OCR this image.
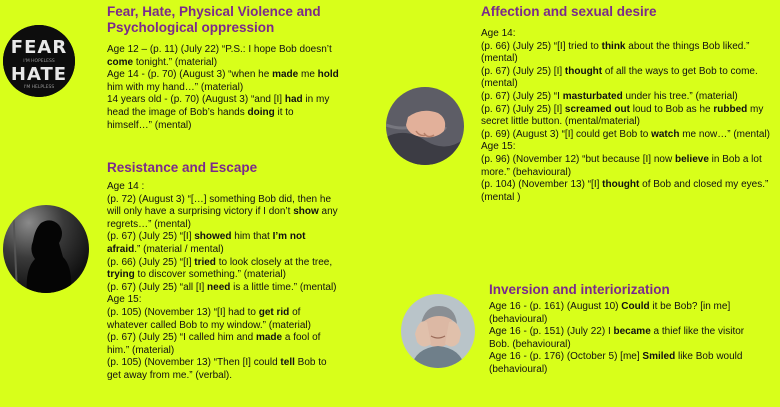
FEAR
I'M HOPELESS
HATE
I'M HELPLESS
Fear, Hate, Physical Violence and Psychological oppression

Age 12 – (p. 11) (July 22) “P.S.: I hope Bob doesn’t come tonight.” (material)

Age 14 - (p. 70) (August 3) “when he made me hold him with my hand…” (material)

14 years old - (p. 70) (August 3) “and [I] had in my head the image of Bob’s hands doing it to himself…” (mental)

Resistance and Escape

Age 14 :

(p. 72) (August 3) “[…] something Bob did, then he will only have a surprising victory if I don’t show any regrets…” (mental)

(p. 67) (July 25) “[I] showed him that I’m not afraid.” (material / mental)

(p. 66) (July 25) “[I] tried to look closely at the tree, trying to discover something.” (material)

(p. 67) (July 25) “all [I] need is a little time.” (mental)

Age 15:

(p. 105) (November 13) “[I] had to get rid of whatever called Bob to my window.” (material)

(p. 67) (July 25) “I called him and made a fool of him.” (material)

(p. 105) (November 13) “Then [I] could tell Bob to get away from me.” (verbal).

Affection and sexual desire

Age 14:

(p. 66) (July 25) “[I] tried to think about the things Bob liked.” (mental)

(p. 67) (July 25) [I] thought of all the ways to get Bob to come. (mental)

(p. 67) (July 25) “I masturbated under his tree.” (material)

(p. 67) (July 25) [I] screamed out loud to Bob as he rubbed my secret little button. (mental/material)

(p. 69) (August 3) “[I] could get Bob to watch me now…” (mental)

Age 15:

(p. 96) (November 12) “but because [I] now believe in Bob a lot more.” (behavioural)

(p. 104) (November 13) “[I] thought of Bob and closed my eyes.” (mental )

Inversion and interiorization

Age 16 - (p. 161) (August 10) Could it be Bob? [in me] (behavioural)

Age 16 - (p. 151) (July 22) I became a thief like the visitor Bob. (behavioural)

Age 16 - (p. 176) (October 5) [me] Smiled like Bob would (behavioural)
